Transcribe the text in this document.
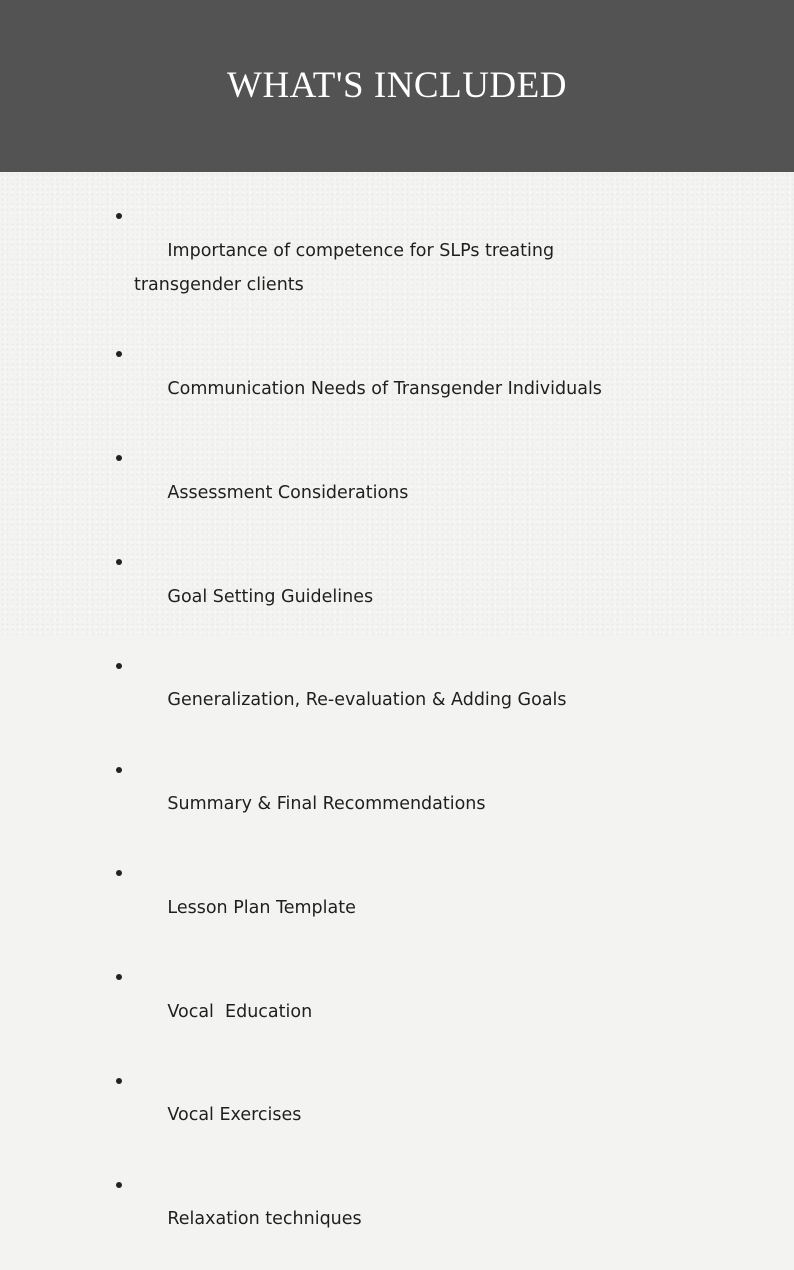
WHAT'S INCLUDED

Importance of competence for SLPs treating transgender clients

Communication Needs of Transgender Individuals

Assessment Considerations

Goal Setting Guidelines

Generalization, Re-evaluation & Adding Goals

Summary & Final Recommendations

Lesson Plan Template

Vocal  Education

Vocal Exercises

Relaxation techniques
